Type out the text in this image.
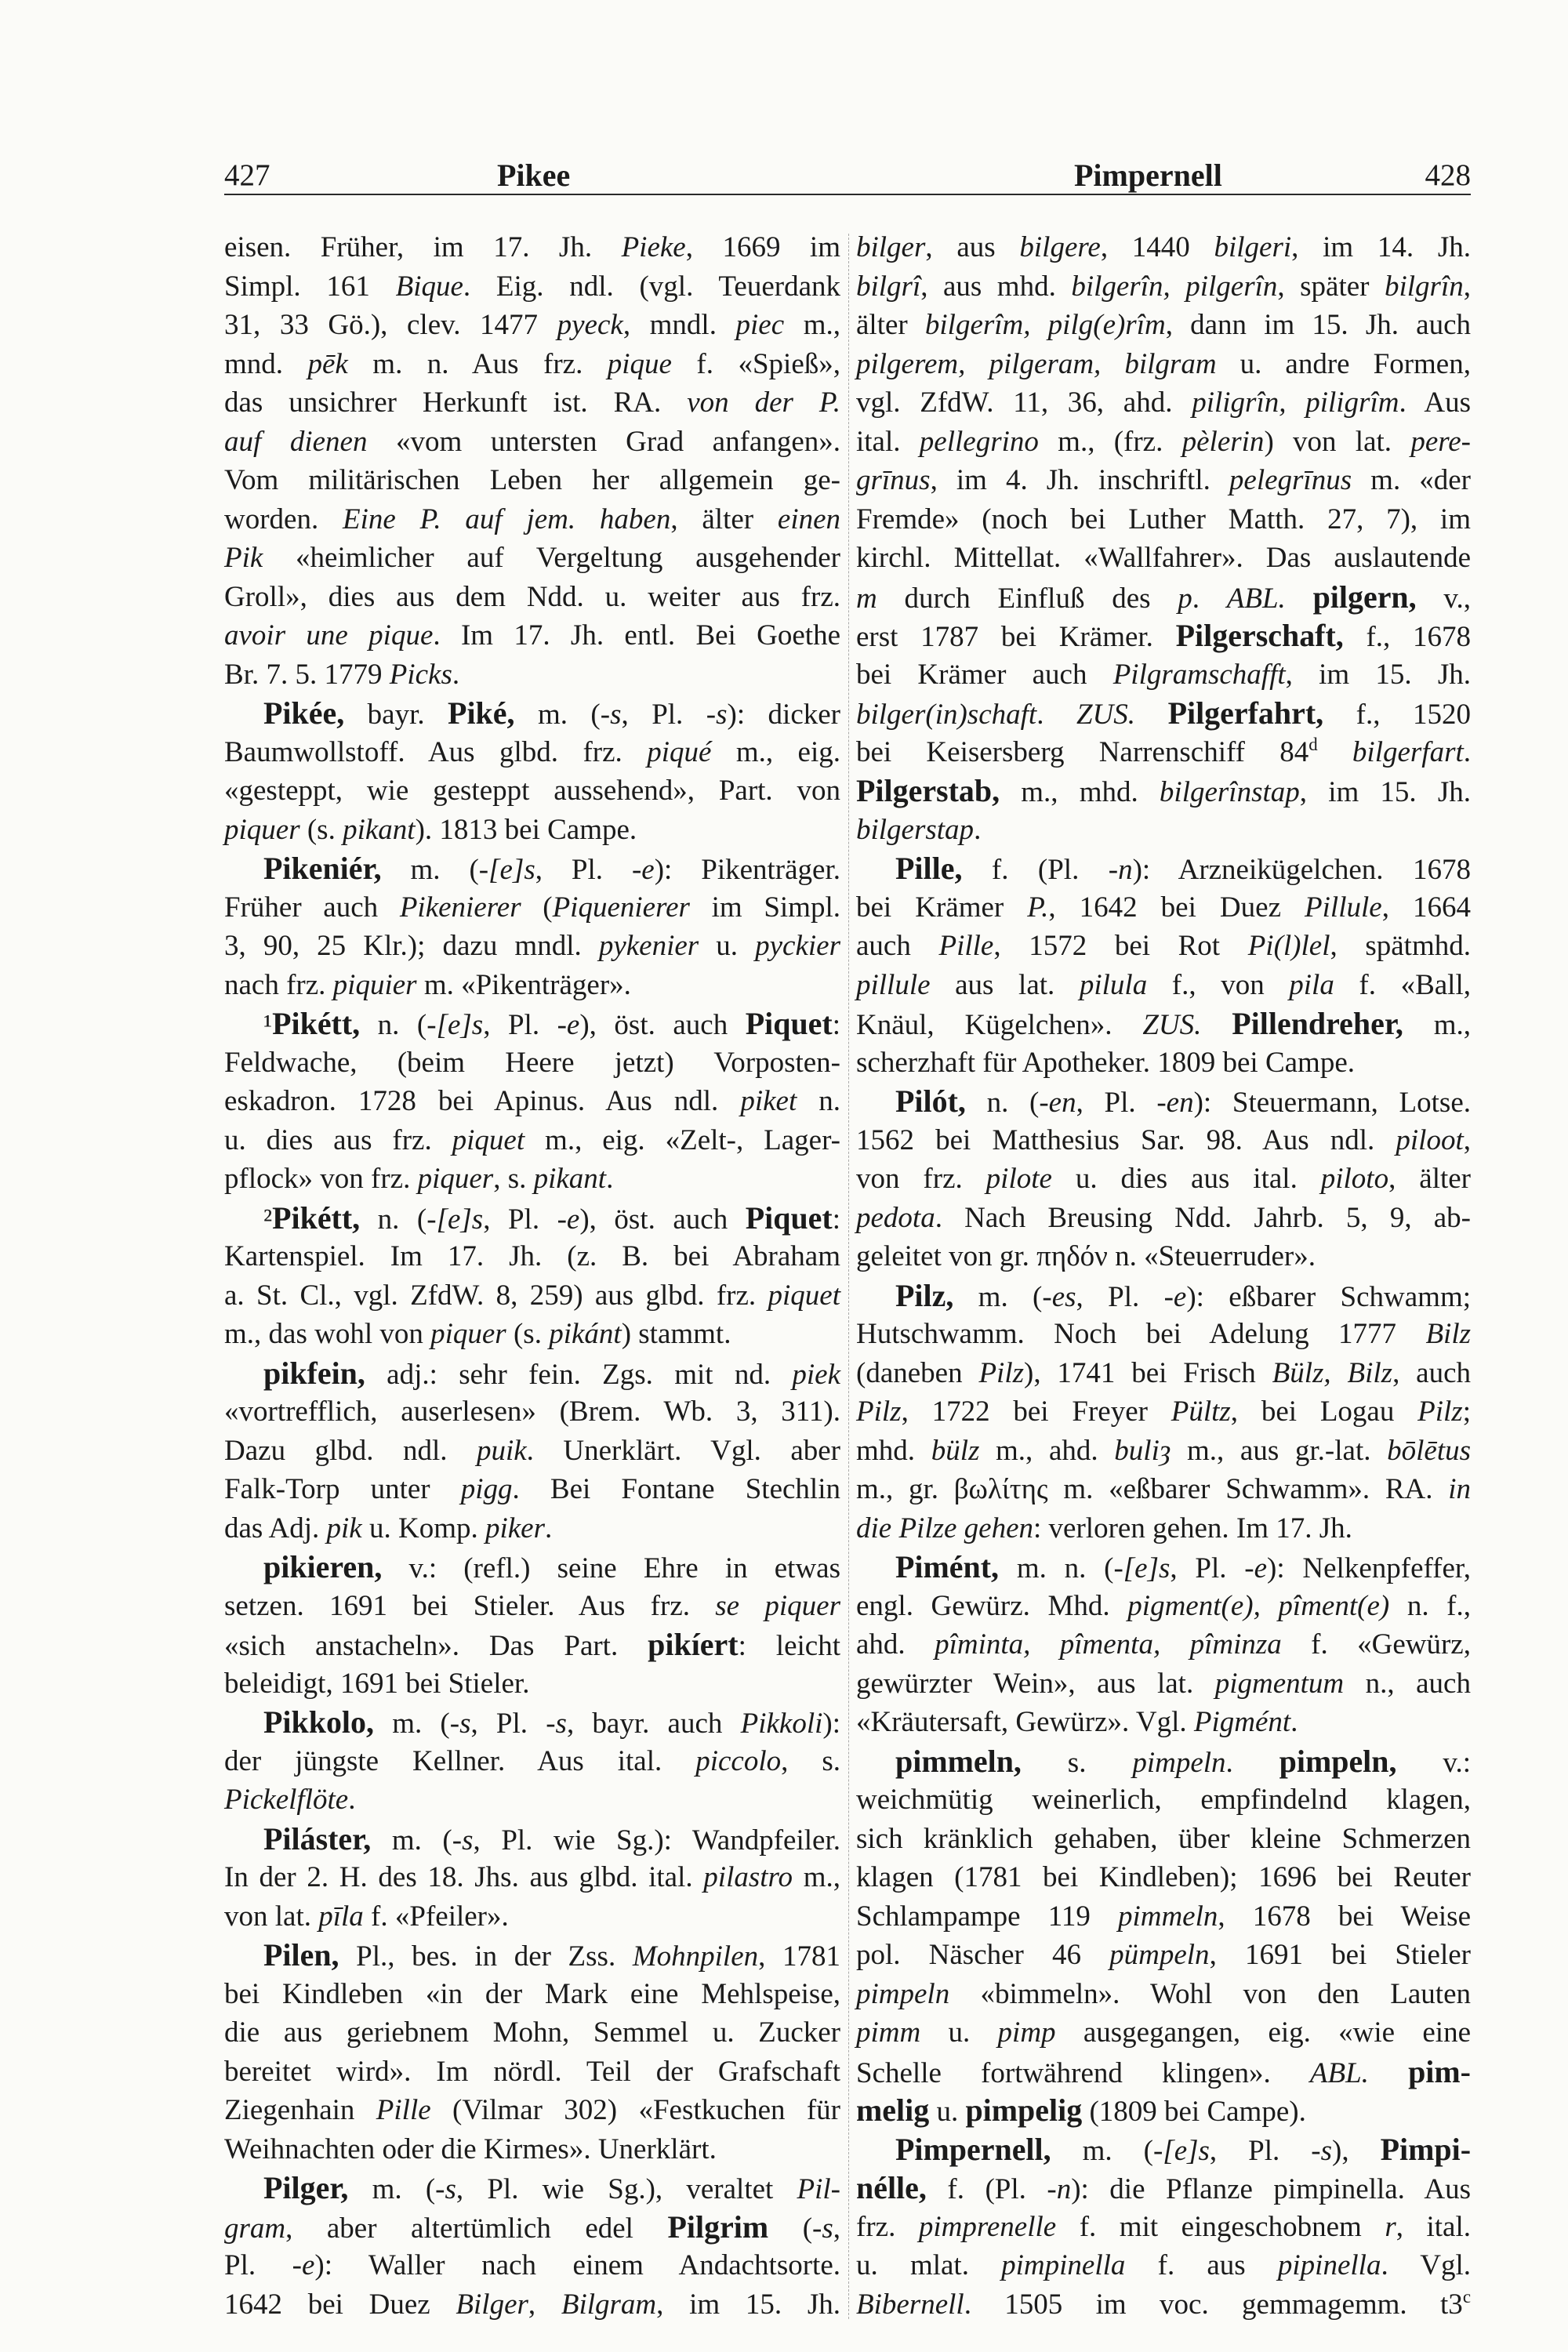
427	Pikee	Pimpernell	428
eisen. Früher, im 17. Jh. Pieke, 1669 im
Simpl. 161 Bique. Eig. ndl. (vgl. Teuerdank
31, 33 Gö.), clev. 1477 pyeck, mndl. piec m.,
mnd. pēk m. n. Aus frz. pique f. «Spieß»,
das unsichrer Herkunft ist. RA. von der P.
auf dienen «vom untersten Grad anfangen».
Vom militärischen Leben her allgemein ge-
worden. Eine P. auf jem. haben, älter einen
Pik «heimlicher auf Vergeltung ausgehender
Groll», dies aus dem Ndd. u. weiter aus frz.
avoir une pique. Im 17. Jh. entl. Bei Goethe
Br. 7. 5. 1779 Picks.
Pikée, bayr. Piké, m. (-s, Pl. -s): dicker
Baumwollstoff. Aus glbd. frz. piqué m., eig.
«gesteppt, wie gesteppt aussehend», Part. von
piquer (s. pikant). 1813 bei Campe.
Pikeniér, m. (-[e]s, Pl. -e): Pikenträger.
Früher auch Pikenierer (Piquenierer im Simpl.
3, 90, 25 Klr.); dazu mndl. pykenier u. pyckier
nach frz. piquier m. «Pikenträger».
¹Pikétt, n. (-[e]s, Pl. -e), öst. auch Piquet:
Feldwache, (beim Heere jetzt) Vorposten-
eskadron. 1728 bei Apinus. Aus ndl. piket n.
u. dies aus frz. piquet m., eig. «Zelt-, Lager-
pflock» von frz. piquer, s. pikant.
²Pikétt, n. (-[e]s, Pl. -e), öst. auch Piquet:
Kartenspiel. Im 17. Jh. (z. B. bei Abraham
a. St. Cl., vgl. ZfdW. 8, 259) aus glbd. frz. piquet
m., das wohl von piquer (s. pikánt) stammt.
pikfein, adj.: sehr fein. Zgs. mit nd. piek
«vortrefflich, auserlesen» (Brem. Wb. 3, 311).
Dazu glbd. ndl. puik. Unerklärt. Vgl. aber
Falk-Torp unter pigg. Bei Fontane Stechlin
das Adj. pik u. Komp. piker.
pikieren, v.: (refl.) seine Ehre in etwas
setzen. 1691 bei Stieler. Aus frz. se piquer
«sich anstacheln». Das Part. pikíert: leicht
beleidigt, 1691 bei Stieler.
Pikkolo, m. (-s, Pl. -s, bayr. auch Pikkoli):
der jüngste Kellner. Aus ital. piccolo, s.
Pickelflöte.
Piláster, m. (-s, Pl. wie Sg.): Wandpfeiler.
In der 2. H. des 18. Jhs. aus glbd. ital. pilastro m.,
von lat. pīla f. «Pfeiler».
Pilen, Pl., bes. in der Zss. Mohnpilen, 1781
bei Kindleben «in der Mark eine Mehlspeise,
die aus geriebnem Mohn, Semmel u. Zucker
bereitet wird». Im nördl. Teil der Grafschaft
Ziegenhain Pille (Vilmar 302) «Festkuchen für
Weihnachten oder die Kirmes». Unerklärt.
Pilger, m. (-s, Pl. wie Sg.), veraltet Pil-
gram, aber altertümlich edel Pilgrim (-s,
Pl. -e): Waller nach einem Andachtsorte.
1642 bei Duez Bilger, Bilgram, im 15. Jh.
bilger, aus bilgere, 1440 bilgeri, im 14. Jh.
bilgrî, aus mhd. bilgerîn, pilgerîn, später bilgrîn,
älter bilgerîm, pilg(e)rîm, dann im 15. Jh. auch
pilgerem, pilgeram, bilgram u. andre Formen,
vgl. ZfdW. 11, 36, ahd. piligrîn, piligrîm. Aus
ital. pellegrino m., (frz. pèlerin) von lat. pere-
grīnus, im 4. Jh. inschriftl. pelegrīnus m. «der
Fremde» (noch bei Luther Matth. 27, 7), im
kirchl. Mittellat. «Wallfahrer». Das auslautende
m durch Einfluß des p. ABL. pilgern, v.,
erst 1787 bei Krämer. Pilgerschaft, f., 1678
bei Krämer auch Pilgramschafft, im 15. Jh.
bilger(in)schaft. ZUS. Pilgerfahrt, f., 1520
bei Keisersberg Narrenschiff 84$^d$ bilgerfart.
Pilgerstab, m., mhd. bilgerînstap, im 15. Jh.
bilgerstap.
Pille, f. (Pl. -n): Arzneikügelchen. 1678
bei Krämer P., 1642 bei Duez Pillule, 1664
auch Pille, 1572 bei Rot Pi(l)lel, spätmhd.
pillule aus lat. pilula f., von pila f. «Ball,
Knäul, Kügelchen». ZUS. Pillendreher, m.,
scherzhaft für Apotheker. 1809 bei Campe.
Pilót, n. (-en, Pl. -en): Steuermann, Lotse.
1562 bei Matthesius Sar. 98. Aus ndl. piloot,
von frz. pilote u. dies aus ital. piloto, älter
pedota. Nach Breusing Ndd. Jahrb. 5, 9, ab-
geleitet von gr. πηδόν n. «Steuerruder».
Pilz, m. (-es, Pl. -e): eßbarer Schwamm;
Hutschwamm. Noch bei Adelung 1777 Bilz
(daneben Pilz), 1741 bei Frisch Bülz, Bilz, auch
Pilz, 1722 bei Freyer Pültz, bei Logau Pilz;
mhd. bülz m., ahd. buliȝ m., aus gr.-lat. bōlētus
m., gr. βωλίτης m. «eßbarer Schwamm». RA. in
die Pilze gehen: verloren gehen. Im 17. Jh.
Pimént, m. n. (-[e]s, Pl. -e): Nelkenpfeffer,
engl. Gewürz. Mhd. pigment(e), pîment(e) n. f.,
ahd. pîminta, pîmenta, pîminza f. «Gewürz,
gewürzter Wein», aus lat. pigmentum n., auch
«Kräutersaft, Gewürz». Vgl. Pigmént.
pimmeln, s. pimpeln. pimpeln, v.:
weichmütig weinerlich, empfindelnd klagen,
sich kränklich gehaben, über kleine Schmerzen
klagen (1781 bei Kindleben); 1696 bei Reuter
Schlampampe 119 pimmeln, 1678 bei Weise
pol. Näscher 46 pümpeln, 1691 bei Stieler
pimpeln «bimmeln». Wohl von den Lauten
pimm u. pimp ausgegangen, eig. «wie eine
Schelle fortwährend klingen». ABL. pim-
melig u. pimpelig (1809 bei Campe).
Pimpernell, m. (-[e]s, Pl. -s), Pimpi-
nélle, f. (Pl. -n): die Pflanze pimpinella. Aus
frz. pimprenelle f. mit eingeschobnem r, ital.
u. mlat. pimpinella f. aus pipinella. Vgl.
Bibernell. 1505 im voc. gemmagemm. t3$^c$
